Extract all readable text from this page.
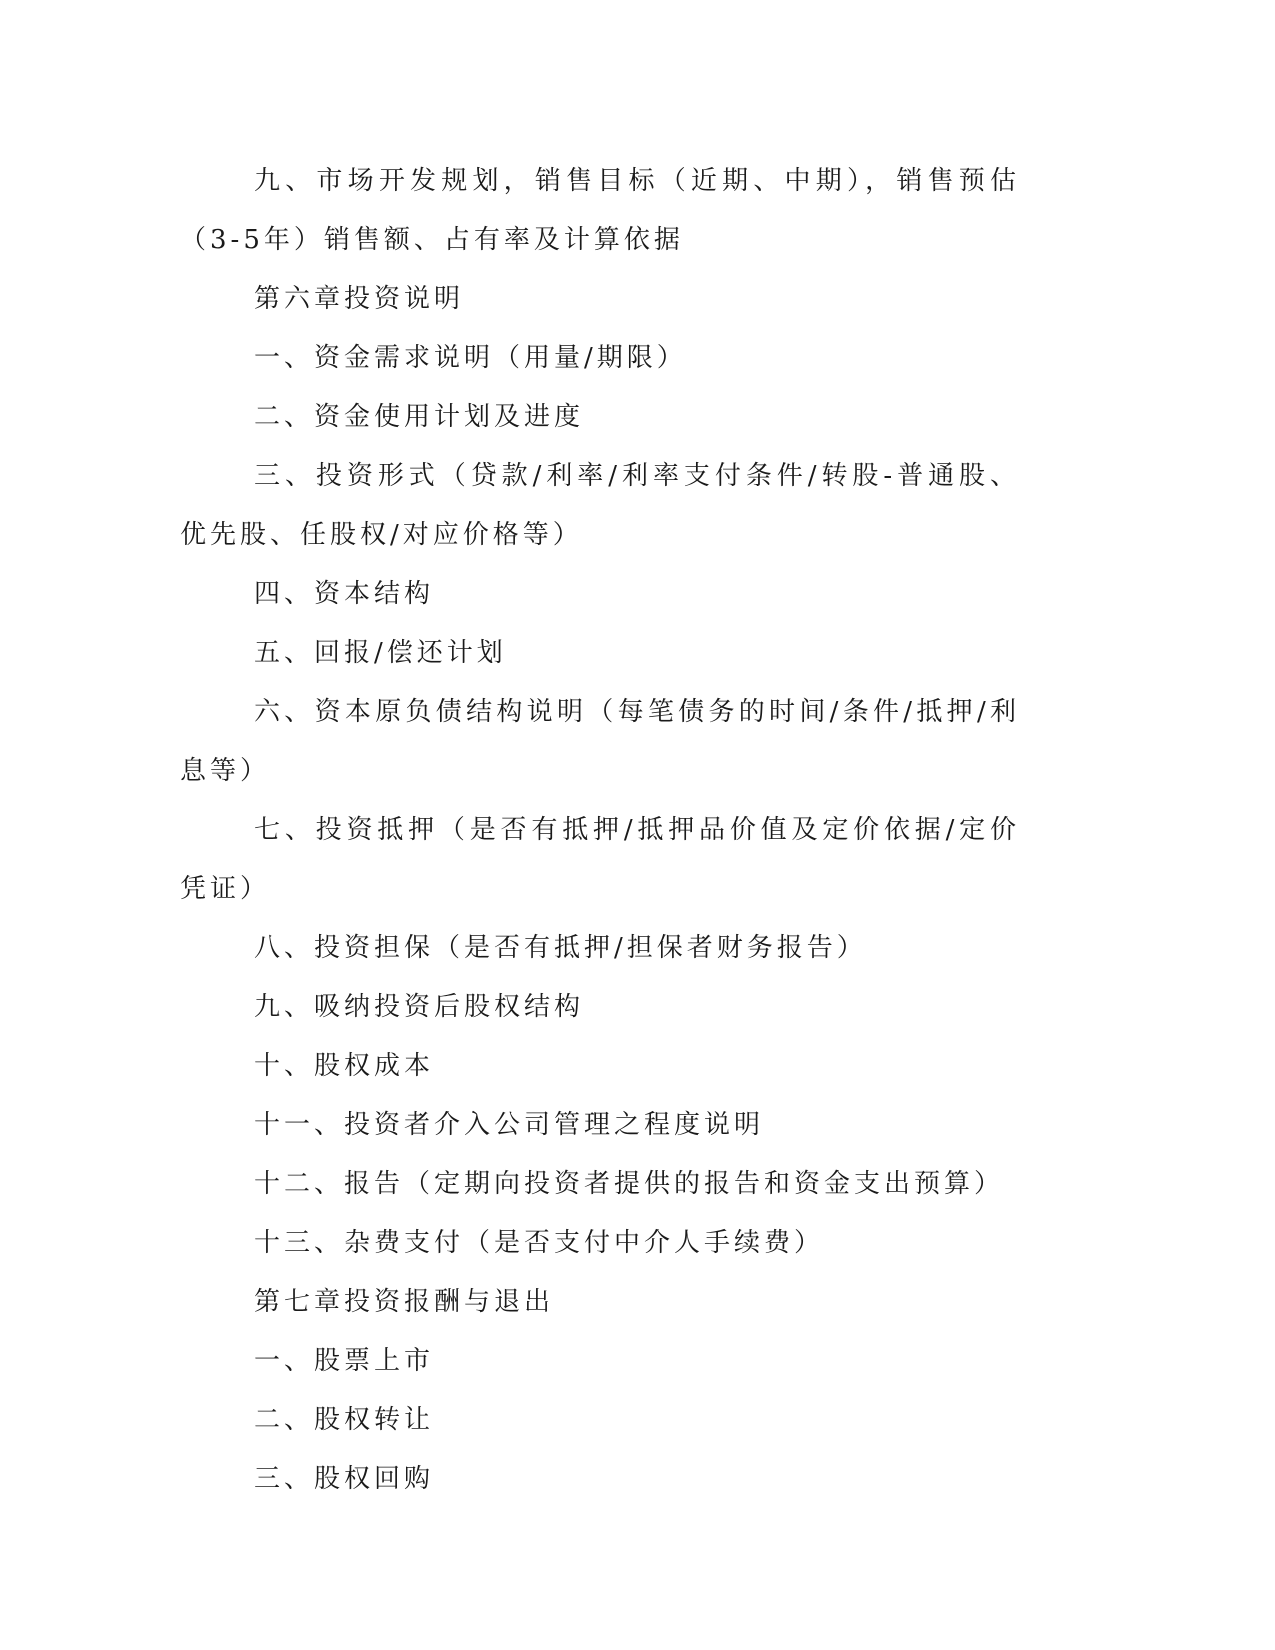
九、市场开发规划，销售目标（近期、中期），销售预估（3-5年）销售额、占有率及计算依据

第六章投资说明

一、资金需求说明（用量/期限）

二、资金使用计划及进度

三、投资形式（贷款/利率/利率支付条件/转股-普通股、优先股、任股权/对应价格等）

四、资本结构

五、回报/偿还计划

六、资本原负债结构说明（每笔债务的时间/条件/抵押/利息等）

七、投资抵押（是否有抵押/抵押品价值及定价依据/定价凭证）

八、投资担保（是否有抵押/担保者财务报告）

九、吸纳投资后股权结构

十、股权成本

十一、投资者介入公司管理之程度说明

十二、报告（定期向投资者提供的报告和资金支出预算）

十三、杂费支付（是否支付中介人手续费）

第七章投资报酬与退出

一、股票上市

二、股权转让

三、股权回购
